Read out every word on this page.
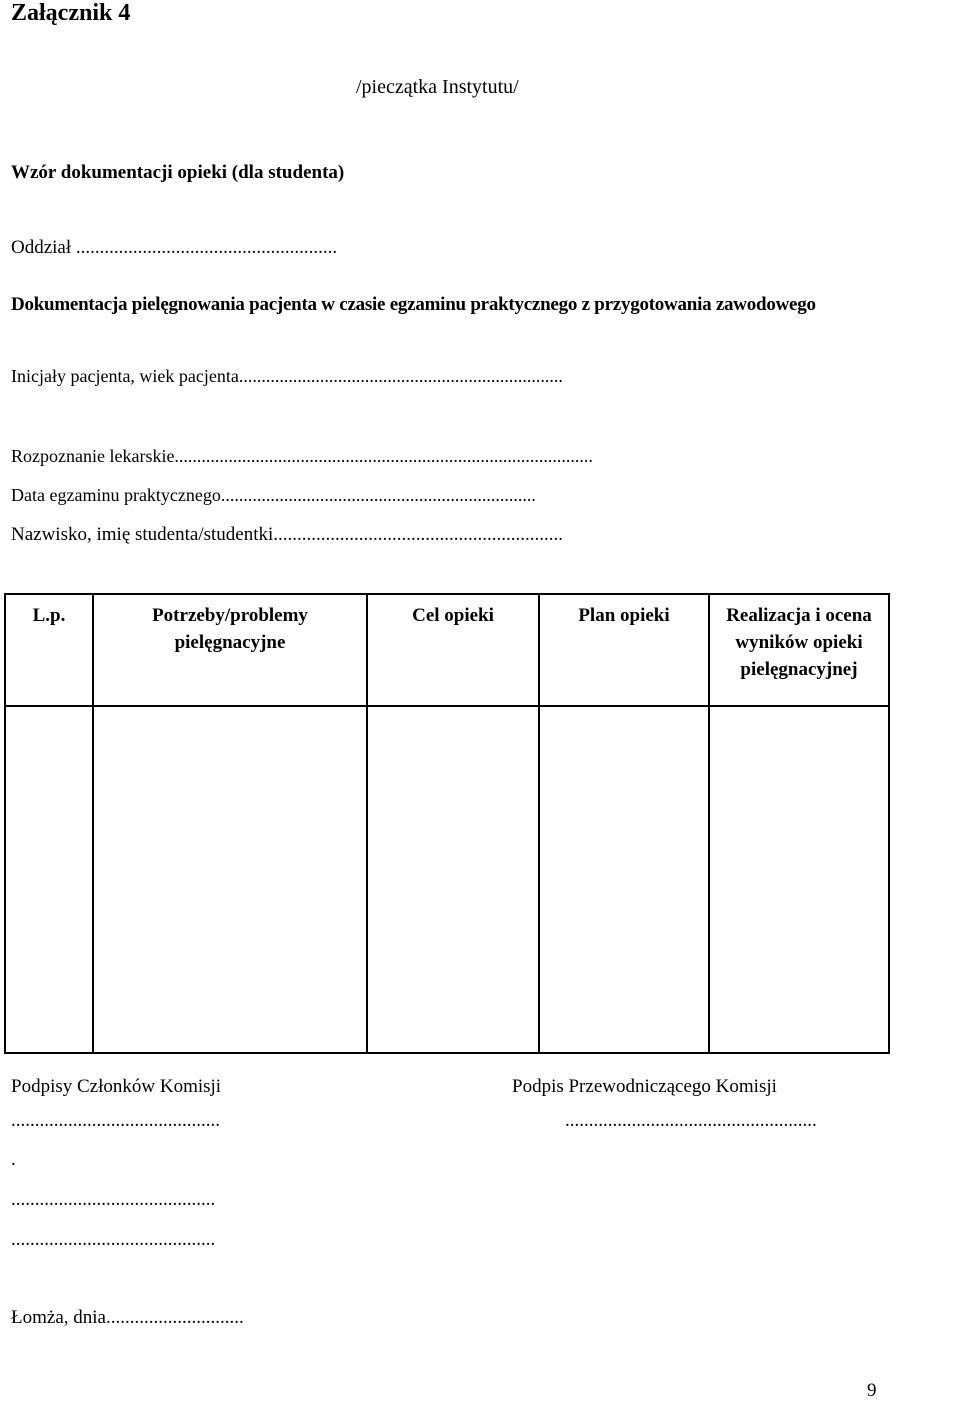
Załącznik 4
/pieczątka Instytutu/
Wzór dokumentacji opieki (dla studenta)
Oddział .......................................................
Dokumentacja pielęgnowania pacjenta w czasie egzaminu praktycznego z przygotowania zawodowego
Inicjały pacjenta, wiek pacjenta........................................................................
Rozpoznanie lekarskie.............................................................................................
Data egzaminu praktycznego......................................................................
Nazwisko, imię studenta/studentki.............................................................
L.p.	Potrzeby/problemy pielęgnacyjne	Cel opieki	Plan opieki	Realizacja i ocena wyników opieki pielęgnacyjnej

Podpisy Członków Komisji
............................................
.
...........................................
...........................................
Podpis Przewodniczącego Komisji
.....................................................
Łomża, dnia.............................
9
